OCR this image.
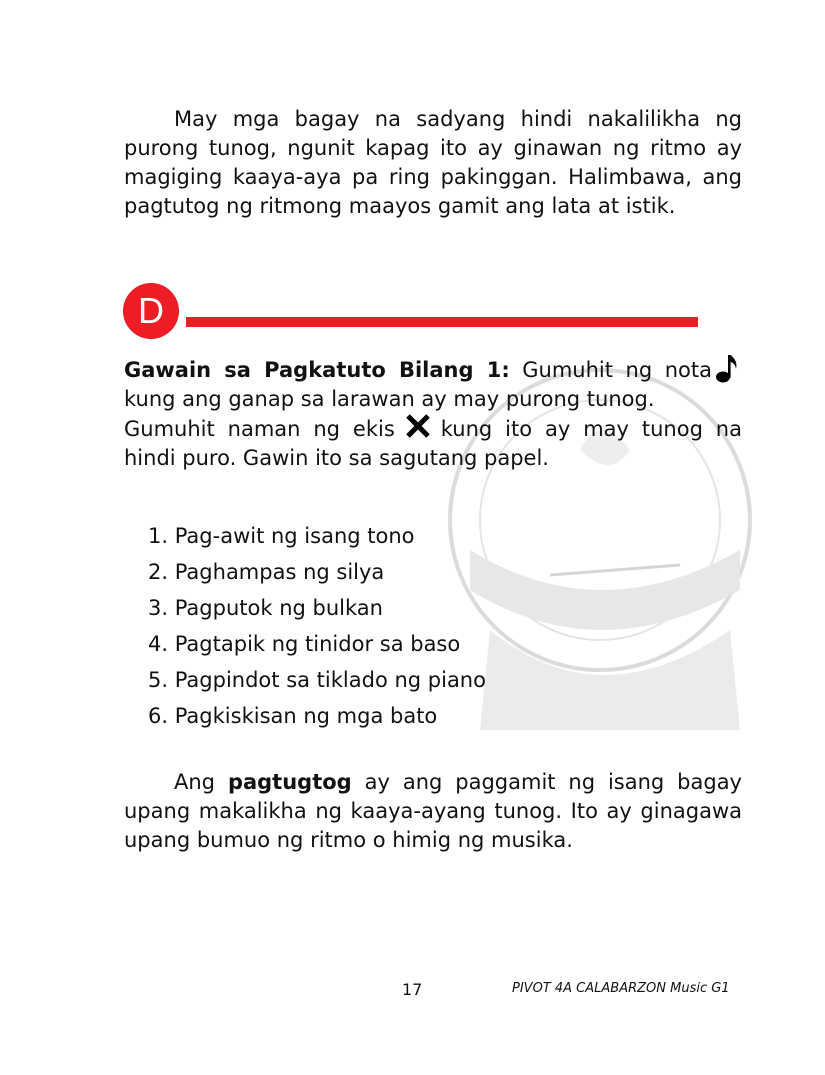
May mga bagay na sadyang hindi nakalilikha ng purong tunog, ngunit kapag ito ay ginawan ng ritmo ay magiging kaaya-aya pa ring pakinggan. Halimbawa, ang pagtutog ng ritmong maayos gamit ang lata at istik.

D

Gawain sa Pagkatuto Bilang 1: Gumuhit ng notakung ang ganap sa larawan ay may purong tunog.

Gumuhit naman ng ekis kung ito ay may tunog na hindi puro. Gawin ito sa sagutang papel.

1. Pag-awit ng isang tono
2. Paghampas ng silya
3. Pagputok ng bulkan
4. Pagtapik ng tinidor sa baso
5. Pagpindot sa tiklado ng piano
6. Pagkiskisan ng mga bato

Ang pagtugtog ay ang paggamit ng isang bagay upang makalikha ng kaaya-ayang tunog. Ito ay ginagawa upang bumuo ng ritmo o himig ng musika.

17	PIVOT 4A CALABARZON Music G1
